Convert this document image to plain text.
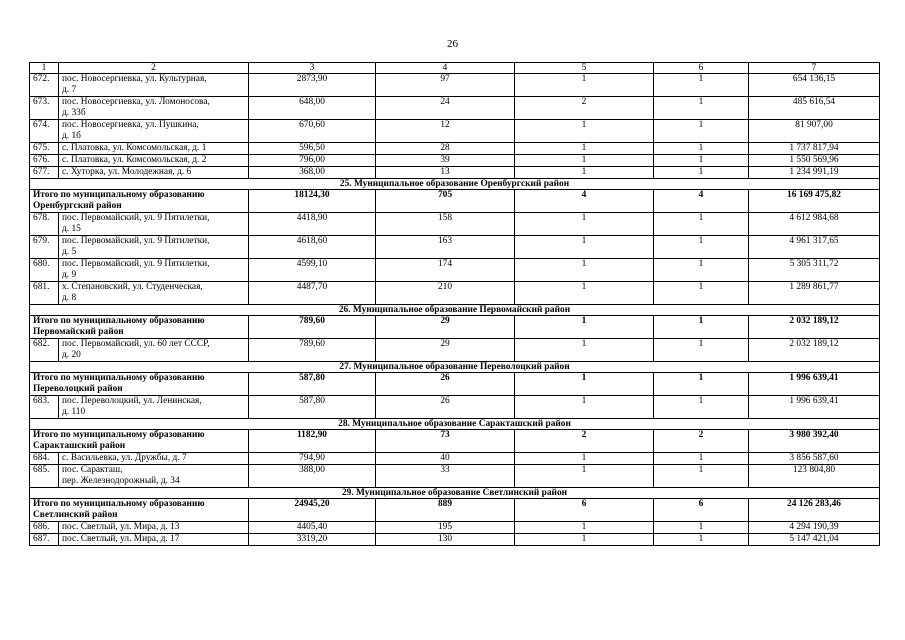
26
1	2	3	4	5	6	7
672.	пос. Новосергиевка, ул. Культурная,
д. 7	2873,90	97	1	1	654 136,15
673.	пос. Новосергиевка, ул. Ломоносова,
д. 33б	648,00	24	2	1	485 616,54
674.	пос. Новосергиевка, ул. Пушкина,
д. 1б	670,60	12	1	1	81 907,00
675.	с. Платовка, ул. Комсомольская, д. 1	596,50	28	1	1	1 737 817,94
676.	с. Платовка, ул. Комсомольская, д. 2	796,00	39	1	1	1 550 569,96
677.	с. Хуторка, ул. Молодежная, д. 6	368,00	13	1	1	1 234 991,19
25. Муниципальное образование Оренбургский район						

Итого по муниципальному образованию
Оренбургский район		18124,30	705	4	4	16 169 475,82
678.	пос. Первомайский, ул. 9 Пятилетки,
д. 15	4418,90	158	1	1	4 612 984,68
679.	пос. Первомайский, ул. 9 Пятилетки,
д. 5	4618,60	163	1	1	4 961 317,65
680.	пос. Первомайский, ул. 9 Пятилетки,
д. 9	4599,10	174	1	1	5 305 311,72
681.	х. Степановский, ул. Студенческая,
д. 8	4487,70	210	1	1	1 289 861,77
26. Муниципальное образование Первомайский район						

Итого по муниципальному образованию
Первомайский район		789,60	29	1	1	2 032 189,12
682.	пос. Первомайский, ул. 60 лет СССР,
д. 20	789,60	29	1	1	2 032 189,12
27. Муниципальное образование Переволоцкий район						

Итого по муниципальному образованию
Переволоцкий район		587,80	26	1	1	1 996 639,41
683.	пос. Переволоцкий, ул. Ленинская,
д. 110	587,80	26	1	1	1 996 639,41
28. Муниципальное образование Саракташский район						

Итого по муниципальному образованию
Саракташский район		1182,90	73	2	2	3 980 392,40
684.	с. Васильевка, ул. Дружбы, д. 7	794,90	40	1	1	3 856 587,60
685.	пос. Саракташ,
пер. Железнодорожный, д. 34	388,00	33	1	1	123 804,80
29. Муниципальное образование Светлинский район						

Итого по муниципальному образованию
Светлинский район		24945,20	889	6	6	24 126 283,46
686.	пос. Светлый, ул. Мира, д. 13	4405,40	195	1	1	4 294 190,39
687.	пос. Светлый, ул. Мира, д. 17	3319,20	130	1	1	5 147 421,04
